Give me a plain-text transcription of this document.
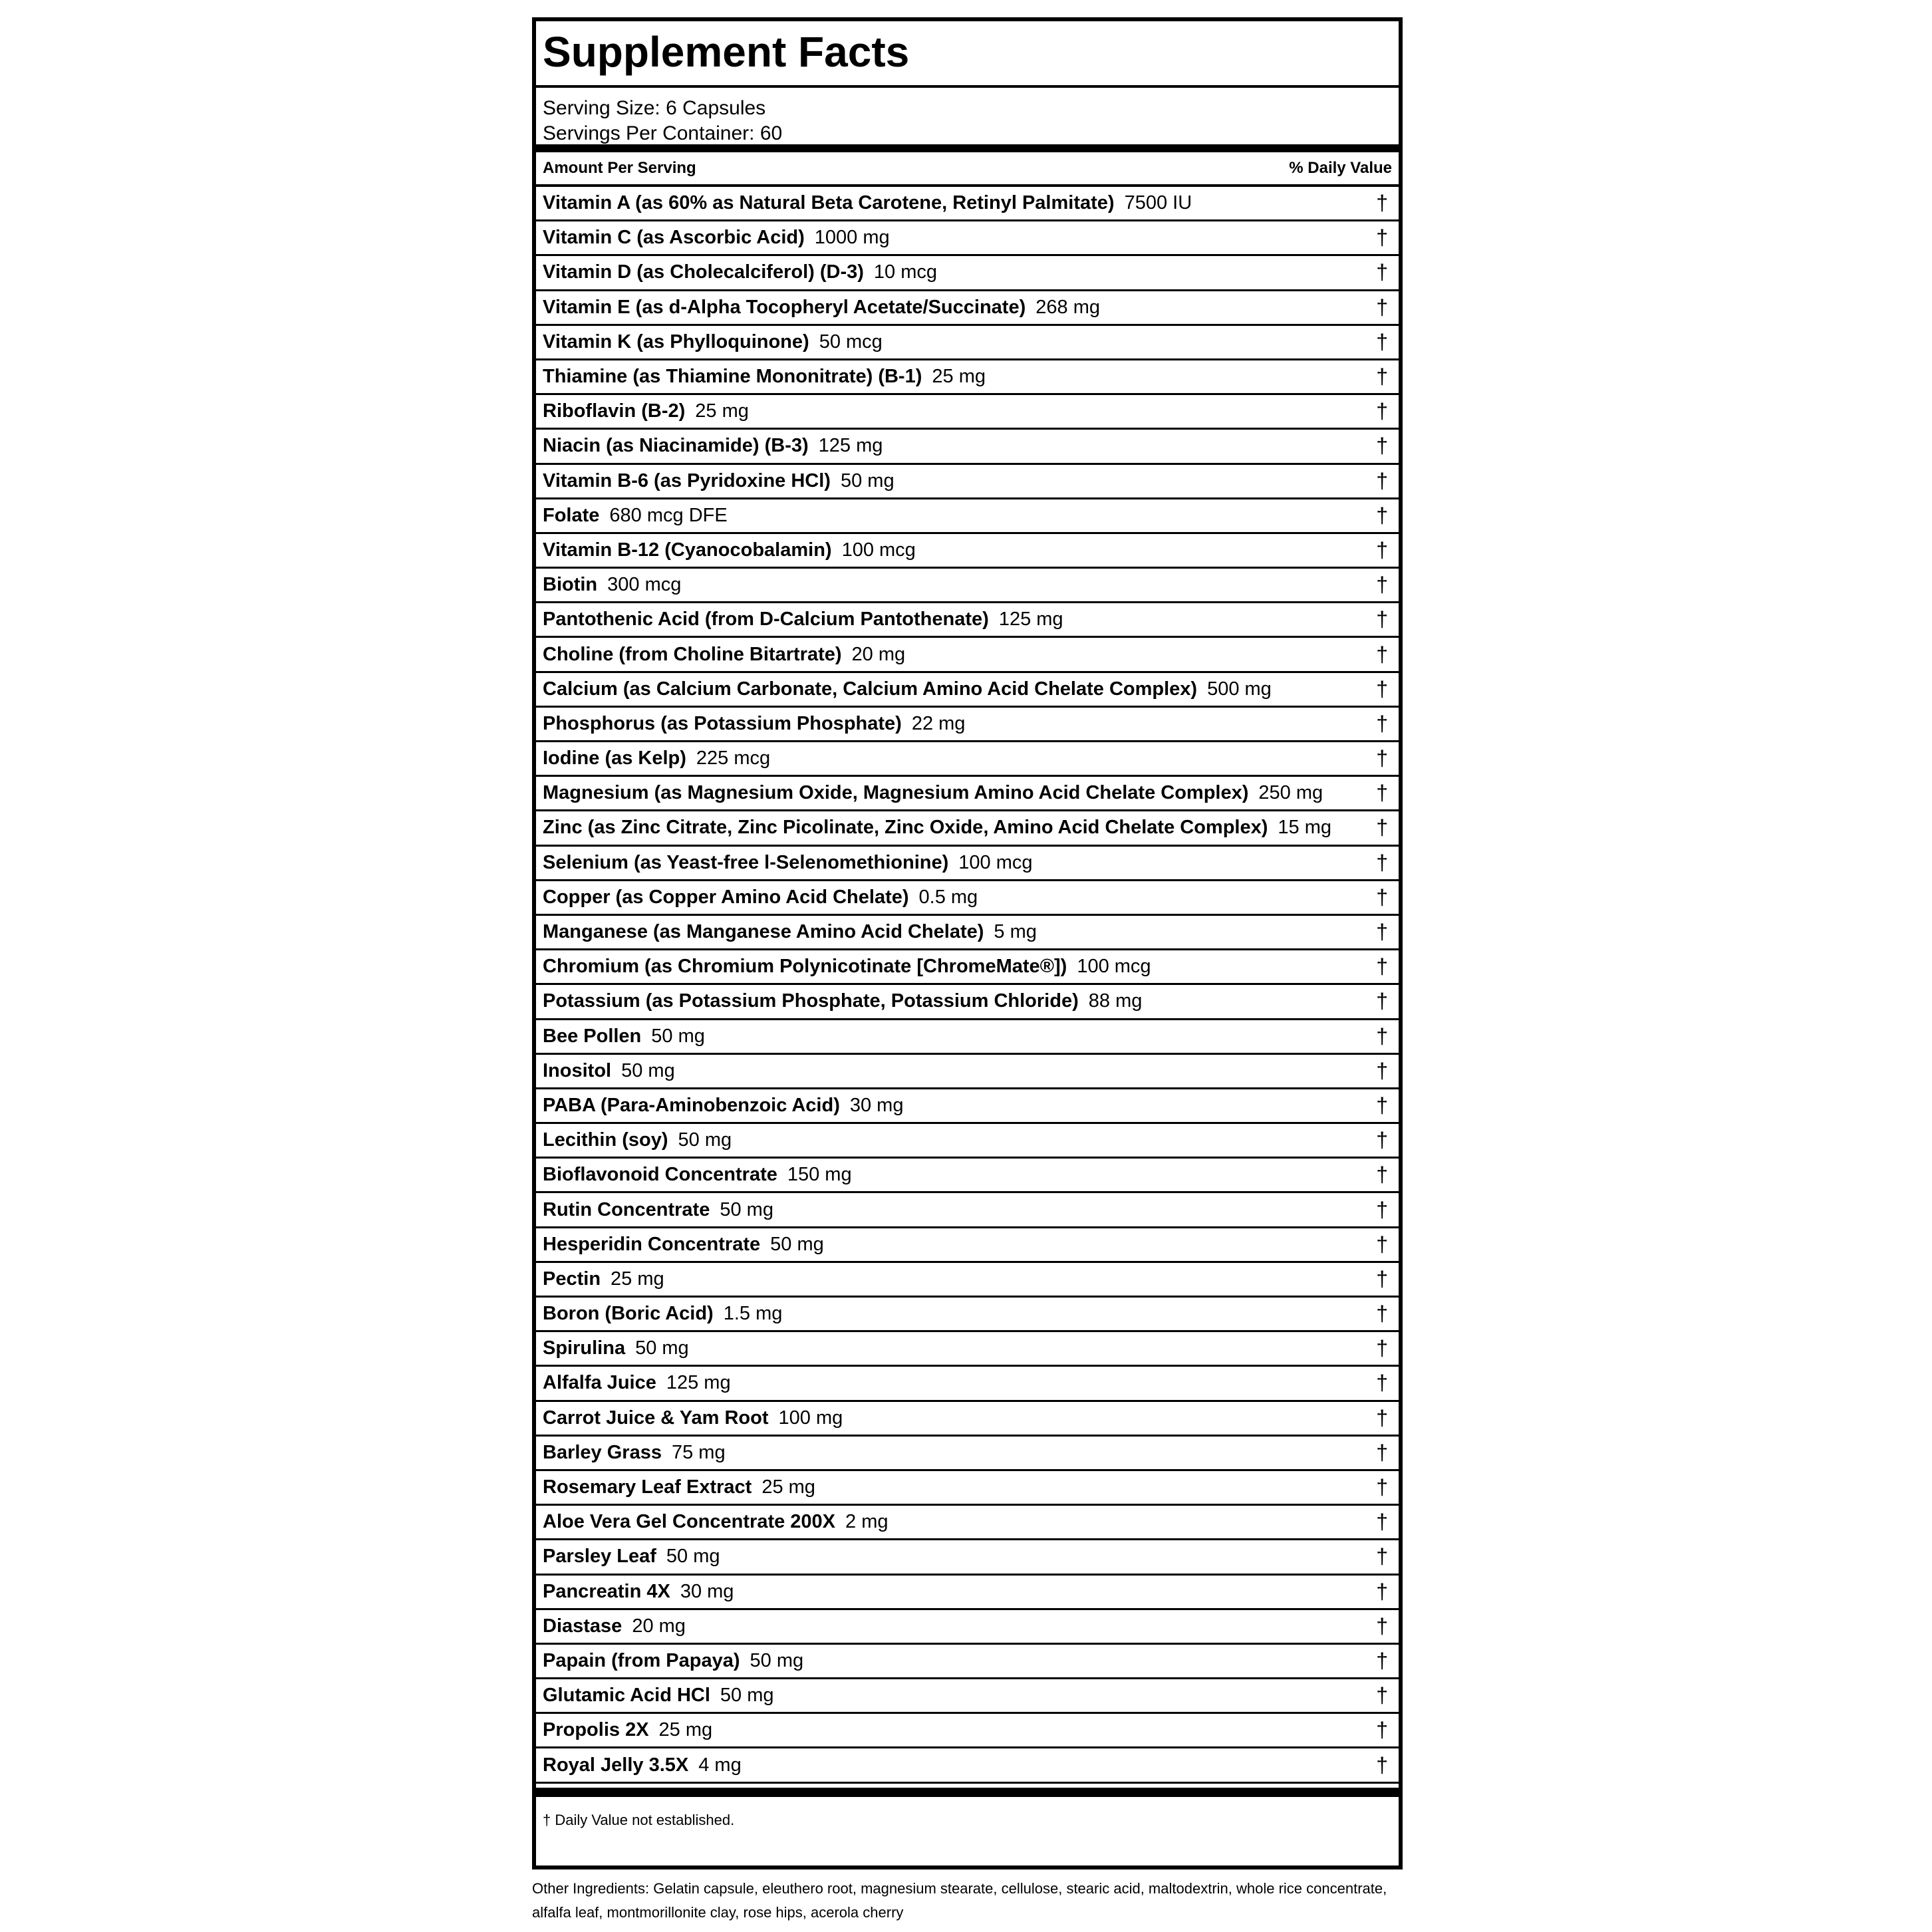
Supplement Facts
Serving Size: 6 Capsules
Servings Per Container: 60
Amount Per Serving	% Daily Value
Vitamin A (as 60% as Natural Beta Carotene, Retinyl Palmitate) 7500 IU	†
Vitamin C (as Ascorbic Acid) 1000 mg	†
Vitamin D (as Cholecalciferol) (D-3) 10 mcg	†
Vitamin E (as d-Alpha Tocopheryl Acetate/Succinate) 268 mg	†
Vitamin K (as Phylloquinone) 50 mcg	†
Thiamine (as Thiamine Mononitrate) (B-1) 25 mg	†
Riboflavin (B-2) 25 mg	†
Niacin (as Niacinamide) (B-3) 125 mg	†
Vitamin B-6 (as Pyridoxine HCl) 50 mg	†
Folate 680 mcg DFE	†
Vitamin B-12 (Cyanocobalamin) 100 mcg	†
Biotin 300 mcg	†
Pantothenic Acid (from D-Calcium Pantothenate) 125 mg	†
Choline (from Choline Bitartrate) 20 mg	†
Calcium (as Calcium Carbonate, Calcium Amino Acid Chelate Complex) 500 mg	†
Phosphorus (as Potassium Phosphate) 22 mg	†
Iodine (as Kelp) 225 mcg	†
Magnesium (as Magnesium Oxide, Magnesium Amino Acid Chelate Complex) 250 mg	†
Zinc (as Zinc Citrate, Zinc Picolinate, Zinc Oxide, Amino Acid Chelate Complex) 15 mg †
Selenium (as Yeast-free l-Selenomethionine) 100 mcg	†
Copper (as Copper Amino Acid Chelate) 0.5 mg	†
Manganese (as Manganese Amino Acid Chelate) 5 mg	†
Chromium (as Chromium Polynicotinate [ChromeMate®]) 100 mcg	†
Potassium (as Potassium Phosphate, Potassium Chloride) 88 mg	†
Bee Pollen 50 mg	†
Inositol 50 mg	†
PABA (Para-Aminobenzoic Acid) 30 mg	†
Lecithin (soy) 50 mg	†
Bioflavonoid Concentrate 150 mg	†
Rutin Concentrate 50 mg	†
Hesperidin Concentrate 50 mg	†
Pectin 25 mg	†
Boron (Boric Acid) 1.5 mg	†
Spirulina 50 mg	†
Alfalfa Juice 125 mg	†
Carrot Juice & Yam Root 100 mg	†
Barley Grass 75 mg	†
Rosemary Leaf Extract 25 mg	†
Aloe Vera Gel Concentrate 200X 2 mg	†
Parsley Leaf 50 mg	†
Pancreatin 4X 30 mg	†
Diastase 20 mg	†
Papain (from Papaya) 50 mg	†
Glutamic Acid HCl 50 mg	†
Propolis 2X 25 mg	†
Royal Jelly 3.5X 4 mg	†
† Daily Value not established.
Other Ingredients: Gelatin capsule, eleuthero root, magnesium stearate, cellulose, stearic acid, maltodextrin, whole rice concentrate, alfalfa leaf, montmorillonite clay, rose hips, acerola cherry
